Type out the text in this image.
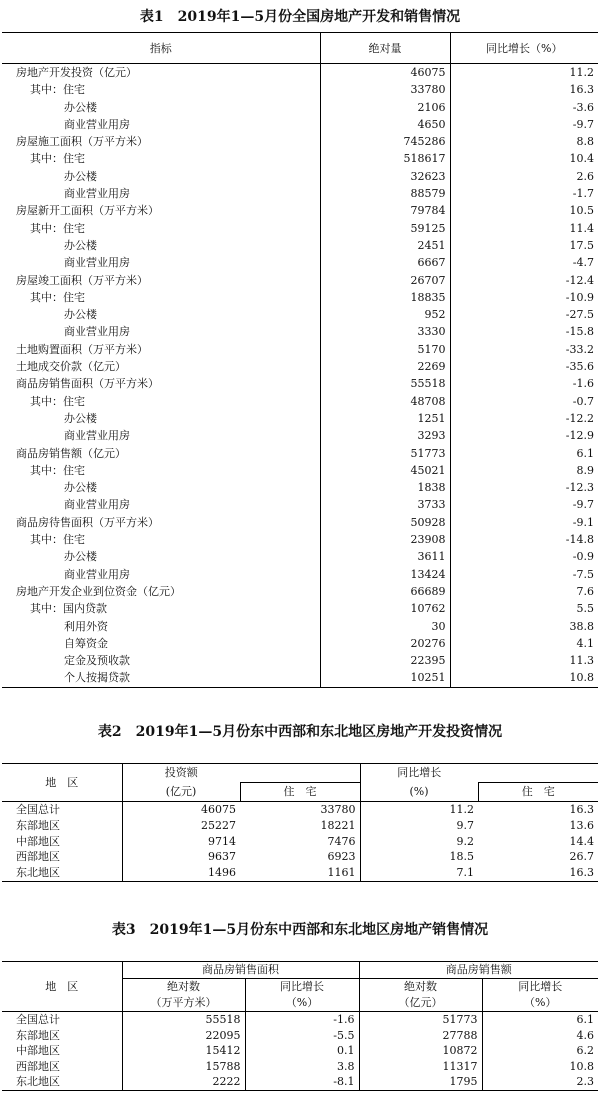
表1　2019年1—5月份全国房地产开发和销售情况
指标	绝对量	同比增长（%）
房地产开发投资（亿元）	46075	11.2
其中：住宅	33780	16.3
办公楼	2106	-3.6
商业营业用房	4650	-9.7
房屋施工面积（万平方米）	745286	8.8
其中：住宅	518617	10.4
办公楼	32623	2.6
商业营业用房	88579	-1.7
房屋新开工面积（万平方米）	79784	10.5
其中：住宅	59125	11.4
办公楼	2451	17.5
商业营业用房	6667	-4.7
房屋竣工面积（万平方米）	26707	-12.4
其中：住宅	18835	-10.9
办公楼	952	-27.5
商业营业用房	3330	-15.8
土地购置面积（万平方米）	5170	-33.2
土地成交价款（亿元）	2269	-35.6
商品房销售面积（万平方米）	55518	-1.6
其中：住宅	48708	-0.7
办公楼	1251	-12.2
商业营业用房	3293	-12.9
商品房销售额（亿元）	51773	6.1
其中：住宅	45021	8.9
办公楼	1838	-12.3
商业营业用房	3733	-9.7
商品房待售面积（万平方米）	50928	-9.1
其中：住宅	23908	-14.8
办公楼	3611	-0.9
商业营业用房	13424	-7.5
房地产开发企业到位资金（亿元）	66689	7.6
其中：国内贷款	10762	5.5
利用外资	30	38.8
自筹资金	20276	4.1
定金及预收款	22395	11.3
个人按揭贷款	10251	10.8
表2　2019年1—5月份东中西部和东北地区房地产开发投资情况
地　区	投资额		同比增长	
	(亿元)	住　宅	(%)	住　宅
全国总计	46075	33780	11.2	16.3
东部地区	25227	18221	9.7	13.6
中部地区	9714	7476	9.2	14.4
西部地区	9637	6923	18.5	26.7
东北地区	1496	1161	7.1	16.3
表3　2019年1—5月份东中西部和东北地区房地产销售情况
地　区	商品房销售面积		商品房销售额	
	绝对数	同比增长	绝对数	同比增长
	（万平方米）	（%）	（亿元）	（%）
全国总计	55518	-1.6	51773	6.1
东部地区	22095	-5.5	27788	4.6
中部地区	15412	0.1	10872	6.2
西部地区	15788	3.8	11317	10.8
东北地区	2222	-8.1	1795	2.3
